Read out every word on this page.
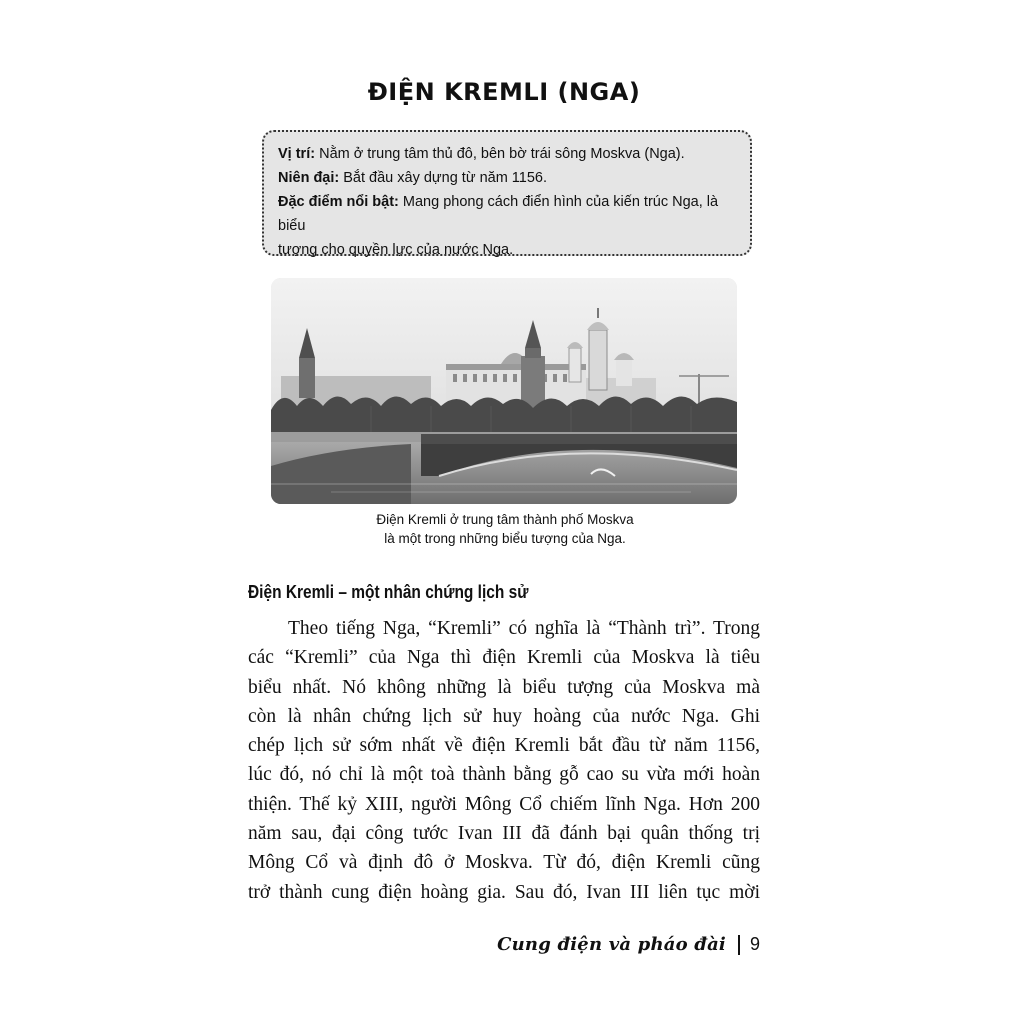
ĐIỆN KREMLI (NGA)

Vị trí: Nằm ở trung tâm thủ đô, bên bờ trái sông Moskva (Nga).

Niên đại: Bắt đầu xây dựng từ năm 1156.

Đặc điểm nổi bật: Mang phong cách điển hình của kiến trúc Nga, là biểu

tượng cho quyền lực của nước Nga.

Điện Kremli ở trung tâm thành phố Moskva

là một trong những biểu tượng của Nga.

Điện Kremli – một nhân chứng lịch sử
Theo tiếng Nga, “Kremli” có nghĩa là “Thành trì”. Trong
các “Kremli” của Nga thì điện Kremli của Moskva là tiêu
biểu nhất. Nó không những là biểu tượng của Moskva mà
còn là nhân chứng lịch sử huy hoàng của nước Nga. Ghi
chép lịch sử sớm nhất về điện Kremli bắt đầu từ năm 1156,
lúc đó, nó chỉ là một toà thành bằng gỗ cao su vừa mới hoàn
thiện. Thế kỷ XIII, người Mông Cổ chiếm lĩnh Nga. Hơn 200
năm sau, đại công tước Ivan III đã đánh bại quân thống trị
Mông Cổ và định đô ở Moskva. Từ đó, điện Kremli cũng
trở thành cung điện hoàng gia. Sau đó, Ivan III liên tục mời
Cung điện và pháo đài 9
